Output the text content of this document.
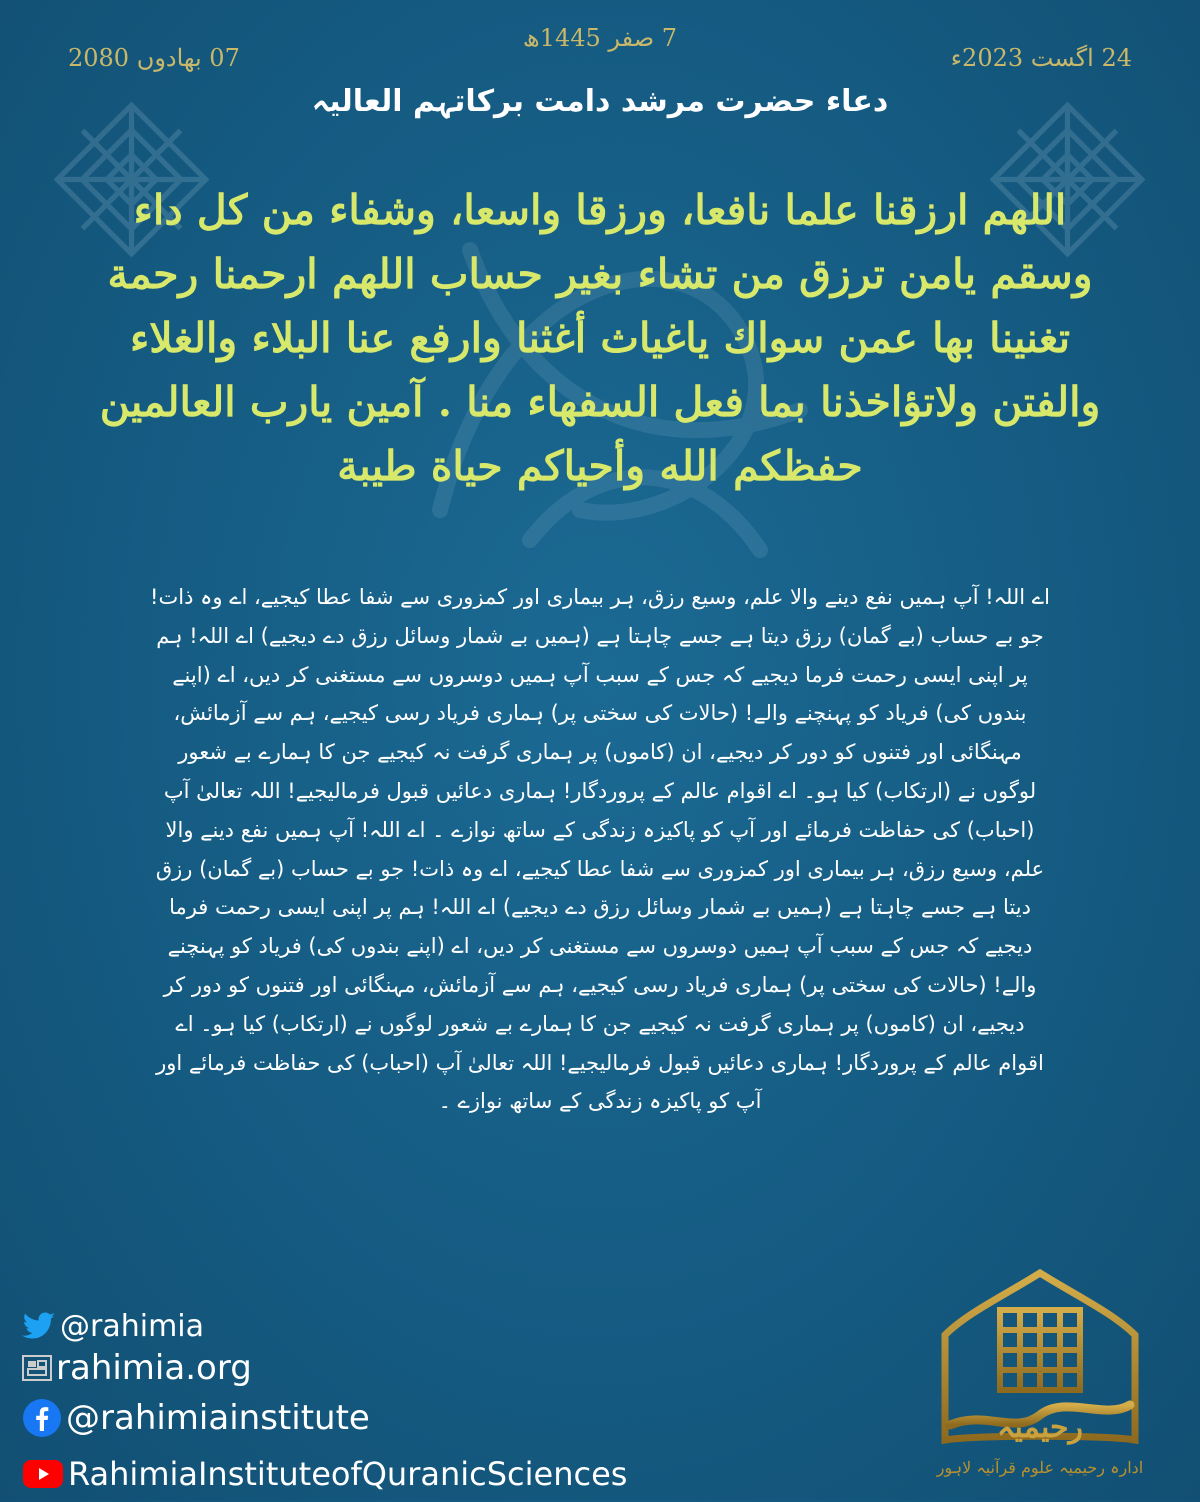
7 صفر 1445ھ
24 اگست 2023ء
07 بھادوں 2080
دعاء حضرت مرشد دامت برکاتہم العالیہ
اللهم ارزقنا علما نافعا، ورزقا واسعا، وشفاء من كل داء وسقم يامن ترزق من تشاء بغير حساب اللهم ارحمنا رحمة تغنينا بها عمن سواك ياغياث أغثنا وارفع عنا البلاء والغلاء والفتن ولاتؤاخذنا بما فعل السفهاء منا . آمين يارب العالمين حفظكم الله وأحياكم حياة طيبة
اے اللہ! آپ ہمیں نفع دینے والا علم، وسیع رزق، ہر بیماری اور کمزوری سے شفا عطا کیجیے، اے وہ ذات! جو بے حساب (بے گمان) رزق دیتا ہے جسے چاہتا ہے (ہمیں بے شمار وسائل رزق دے دیجیے) اے اللہ! ہم پر اپنی ایسی رحمت فرما دیجیے کہ جس کے سبب آپ ہمیں دوسروں سے مستغنی کر دیں، اے (اپنے بندوں کی) فریاد کو پہنچنے والے! (حالات کی سختی پر) ہماری فریاد رسی کیجیے، ہم سے آزمائش، مہنگائی اور فتنوں کو دور کر دیجیے، ان (کاموں) پر ہماری گرفت نہ کیجیے جن کا ہمارے بے شعور لوگوں نے (ارتکاب) کیا ہو۔ اے اقوام عالم کے پروردگار! ہماری دعائیں قبول فرمالیجیے! اللہ تعالیٰ آپ (احباب) کی حفاظت فرمائے اور آپ کو پاکیزہ زندگی کے ساتھ نوازے ۔ اے اللہ! آپ ہمیں نفع دینے والا علم، وسیع رزق، ہر بیماری اور کمزوری سے شفا عطا کیجیے، اے وہ ذات! جو بے حساب (بے گمان) رزق دیتا ہے جسے چاہتا ہے (ہمیں بے شمار وسائل رزق دے دیجیے) اے اللہ! ہم پر اپنی ایسی رحمت فرما دیجیے کہ جس کے سبب آپ ہمیں دوسروں سے مستغنی کر دیں، اے (اپنے بندوں کی) فریاد کو پہنچنے والے! (حالات کی سختی پر) ہماری فریاد رسی کیجیے، ہم سے آزمائش، مہنگائی اور فتنوں کو دور کر دیجیے، ان (کاموں) پر ہماری گرفت نہ کیجیے جن کا ہمارے بے شعور لوگوں نے (ارتکاب) کیا ہو۔ اے اقوام عالم کے پروردگار! ہماری دعائیں قبول فرمالیجیے! اللہ تعالیٰ آپ (احباب) کی حفاظت فرمائے اور آپ کو پاکیزہ زندگی کے ساتھ نوازے ۔
@rahimia
rahimia.org
@rahimiainstitute
RahimiaInstituteofQuranicSciences
رحیمیہ
ادارہ رحیمیہ علوم قرآنیہ لاہور
